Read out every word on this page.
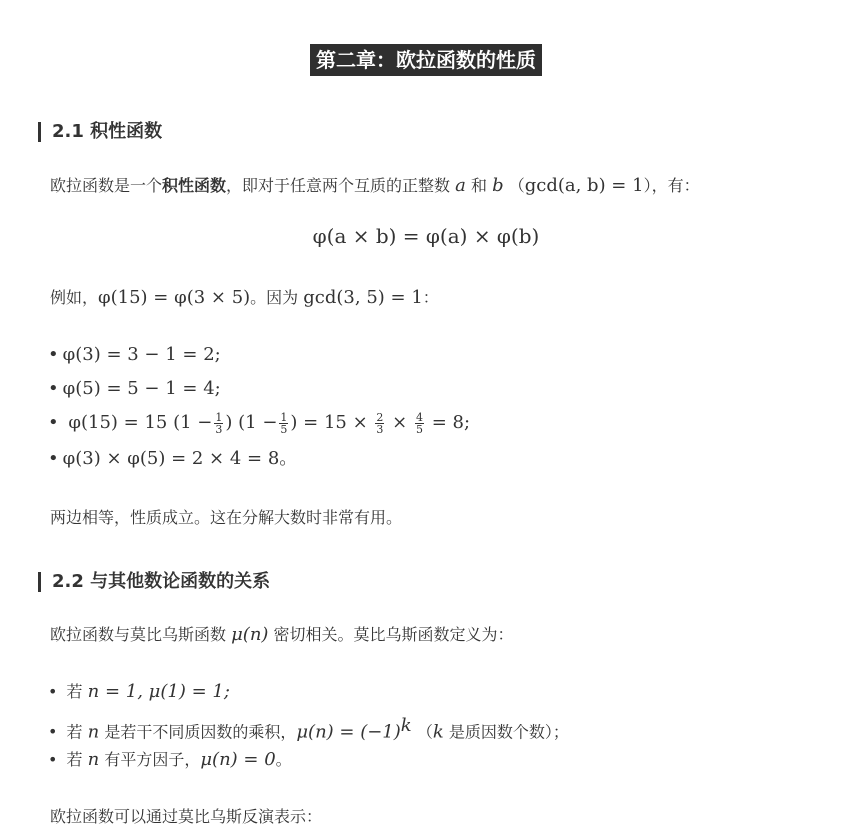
第二章：欧拉函数的性质
2.1 积性函数
欧拉函数是一个积性函数，即对于任意两个互质的正整数 a 和 b （gcd(a, b) = 1），有：
φ(a × b) = φ(a) × φ(b)
例如，φ(15) = φ(3 × 5)。因为 gcd(3, 5) = 1：
• φ(3) = 3 − 1 = 2;
• φ(5) = 5 − 1 = 4;
• φ(15) = 15 ($1 - \frac{1}{3}$ ) ($1 - \frac{1}{5}$ ) = $15 \times \frac{2}{3} \times \frac{4}{5} = 8$;
• φ(3) × φ(5) = 2 × 4 = 8。
两边相等，性质成立。这在分解大数时非常有用。
2.2 与其他数论函数的关系
欧拉函数与莫比乌斯函数 μ(n) 密切相关。莫比乌斯函数定义为：
• 若 n = 1, μ(1) = 1;
• 若 n 是若干不同质因数的乘积，$\mu(n) = (-1)^k$ （k 是质因数个数）；
• 若 n 有平方因子，μ(n) = 0。
欧拉函数可以通过莫比乌斯反演表示：
